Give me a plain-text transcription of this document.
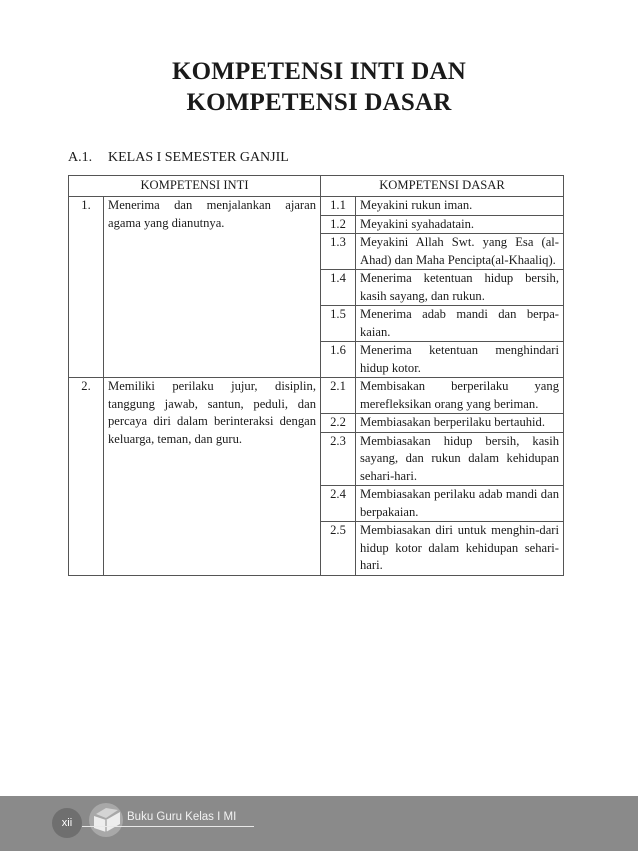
KOMPETENSI INTI DAN
KOMPETENSI DASAR
A.1. KELAS I SEMESTER GANJIL
KOMPETENSI INTI		KOMPETENSI DASAR	
1.	Menerima dan menjalankan ajaran agama yang dianutnya.	1.1	Meyakini rukun iman.
		1.2	Meyakini syahadatain.
		1.3	Meyakini Allah Swt. yang Esa (al-Ahad) dan Maha Pencipta(al-Khaaliq).
		1.4	Menerima ketentuan hidup bersih, kasih sayang, dan rukun.
		1.5	Menerima adab mandi dan berpa-kaian.
		1.6	Menerima ketentuan menghindari hidup kotor.
2.	Memiliki perilaku jujur, disiplin, tanggung jawab, santun, peduli, dan percaya diri dalam berinteraksi dengan keluarga, teman, dan guru.	2.1	Membisakan berperilaku yang merefleksikan orang yang beriman.
		2.2	Membiasakan berperilaku bertauhid.
		2.3	Membiasakan hidup bersih, kasih sayang, dan rukun dalam kehidupan sehari-hari.
		2.4	Membiasakan perilaku adab mandi dan berpakaian.
		2.5	Membiasakan diri untuk menghin-dari hidup kotor dalam kehidupan sehari-hari.
xii	Buku Guru Kelas I MI
